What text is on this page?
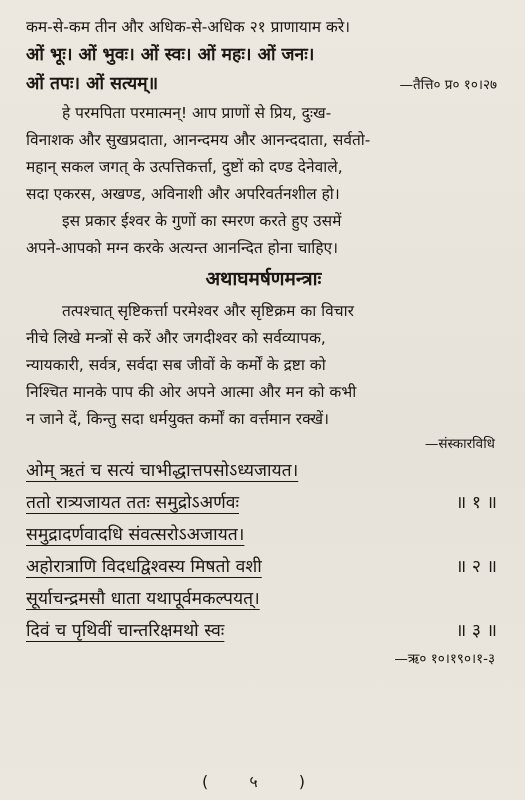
कम-से-कम तीन और अधिक-से-अधिक २१ प्राणायाम करे।
ओं भूः। ओं भुवः। ओं स्वः। ओं महः। ओं जनः।
ओं तपः। ओं सत्यम्॥	—तैत्ति० प्र० १०।२७
हे परमपिता परमात्मन्! आप प्राणों से प्रिय, दुःख-
विनाशक और सुखप्रदाता, आनन्दमय और आनन्ददाता, सर्वतो-
महान् सकल जगत् के उत्पत्तिकर्त्ता, दुष्टों को दण्ड देनेवाले,
सदा एकरस, अखण्ड, अविनाशी और अपरिवर्तनशील हो।
इस प्रकार ईश्वर के गुणों का स्मरण करते हुए उसमें
अपने-आपको मग्न करके अत्यन्त आनन्दित होना चाहिए।
अथाघमर्षणमन्त्राः
तत्पश्चात् सृष्टिकर्त्ता परमेश्वर और सृष्टिक्रम का विचार
नीचे लिखे मन्त्रों से करें और जगदीश्वर को सर्वव्यापक,
न्यायकारी, सर्वत्र, सर्वदा सब जीवों के कर्मों के द्रष्टा को
निश्चित मानके पाप की ओर अपने आत्मा और मन को कभी
न जाने दें, किन्तु सदा धर्मयुक्त कर्मों का वर्त्तमान रक्खें।
—संस्कारविधि
ओम् ऋतं च सत्यं चाभीद्धात्तपसोऽध्यजायत।
ततो रात्र्यजायत ततः समुद्रोऽअर्णवः	॥ १ ॥
समुद्रादर्णवादधि संवत्सरोऽअजायत।
अहोरात्राणि विदधद्विश्वस्य मिषतो वशी	॥ २ ॥
सूर्याचन्द्रमसौ धाता यथापूर्वमकल्पयत्।
दिवं च पृथिवीं चान्तरिक्षमथो स्वः	॥ ३ ॥
—ऋ० १०।१९०।१-३
( ५ )
